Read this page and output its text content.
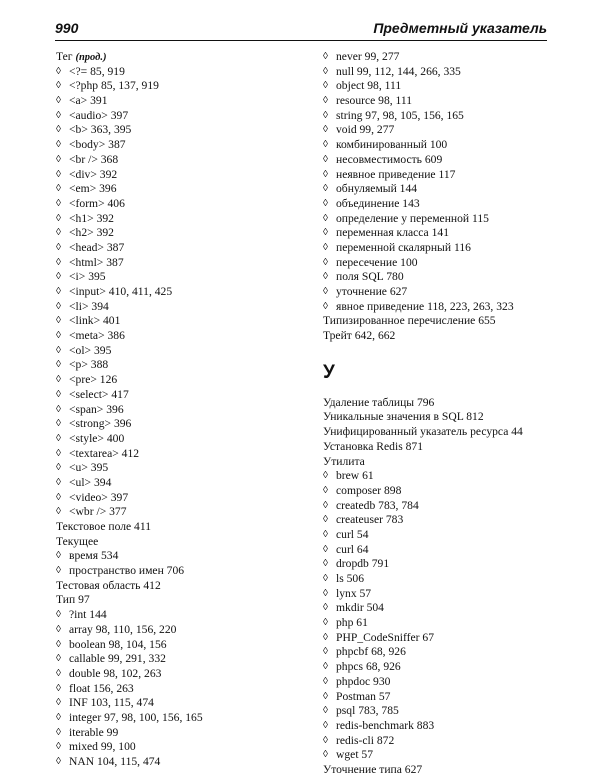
990	Предметный указатель
Тег (прод.)
◊ <?= 85, 919
◊ <?php 85, 137, 919
◊ <a> 391
◊ <audio> 397
◊ <b> 363, 395
◊ <body> 387
◊ <br /> 368
◊ <div> 392
◊ <em> 396
◊ <form> 406
◊ <h1> 392
◊ <h2> 392
◊ <head> 387
◊ <html> 387
◊ <i> 395
◊ <input> 410, 411, 425
◊ <li> 394
◊ <link> 401
◊ <meta> 386
◊ <ol> 395
◊ <p> 388
◊ <pre> 126
◊ <select> 417
◊ <span> 396
◊ <strong> 396
◊ <style> 400
◊ <textarea> 412
◊ <u> 395
◊ <ul> 394
◊ <video> 397
◊ <wbr /> 377
Текстовое поле 411
Текущее
◊ время 534
◊ пространство имен 706
Тестовая область 412
Тип 97
◊ ?int 144
◊ array 98, 110, 156, 220
◊ boolean 98, 104, 156
◊ callable 99, 291, 332
◊ double 98, 102, 263
◊ float 156, 263
◊ INF 103, 115, 474
◊ integer 97, 98, 100, 156, 165
◊ iterable 99
◊ mixed 99, 100
◊ NAN 104, 115, 474
◊ never 99, 277
◊ null 99, 112, 144, 266, 335
◊ object 98, 111
◊ resource 98, 111
◊ string 97, 98, 105, 156, 165
◊ void 99, 277
◊ комбинированный 100
◊ несовместимость 609
◊ неявное приведение 117
◊ обнуляемый 144
◊ объединение 143
◊ определение у переменной 115
◊ переменная класса 141
◊ переменной скалярный 116
◊ пересечение 100
◊ поля SQL 780
◊ уточнение 627
◊ явное приведение 118, 223, 263, 323
Типизированное перечисление 655
Трейт 642, 662
У
Удаление таблицы 796
Уникальные значения в SQL 812
Унифицированный указатель ресурса 44
Установка Redis 871
Утилита
◊ brew 61
◊ composer 898
◊ createdb 783, 784
◊ createuser 783
◊ curl 54
◊ curl 64
◊ dropdb 791
◊ ls 506
◊ lynx 57
◊ mkdir 504
◊ php 61
◊ PHP_CodeSniffer 67
◊ phpcbf 68, 926
◊ phpcs 68, 926
◊ phpdoc 930
◊ Postman 57
◊ psql 783, 785
◊ redis-benchmark 883
◊ redis-cli 872
◊ wget 57
Уточнение типа 627
